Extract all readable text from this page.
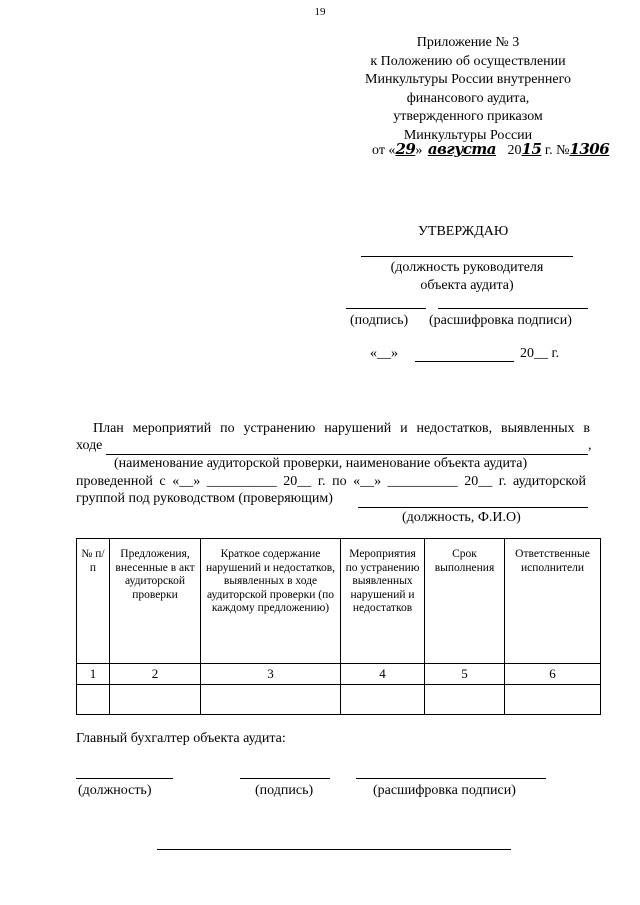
19
Приложение № 3
к Положению об осуществлении
Минкультуры России внутреннего
финансового аудита,
утвержденного приказом
Минкультуры России
от «29» августа 2015 г. №1306
УТВЕРЖДАЮ
(должность руководителя
объекта аудита)
(подпись) (расшифровка подписи)
«__»	20__ г.
План мероприятий по устранению нарушений и недостатков, выявленных в
ходе	,
(наименование аудиторской проверки, наименование объекта аудита)
проведенной с «__» __________ 20__ г. по «__» __________ 20__ г. аудиторской
группой под руководством (проверяющим)
(должность, Ф.И.О)
№ п/п	Предложения, внесенные в акт аудиторской проверки	Краткое содержание нарушений и недостатков, выявленных в ходе аудиторской проверки (по каждому предложению)	Мероприятия по устранению выявленных нарушений и недостатков	Срок выполнения	Ответственные исполнители
1	2	3	4	5	6

Главный бухгалтер объекта аудита:
(должность)	(подпись)	(расшифровка подписи)
